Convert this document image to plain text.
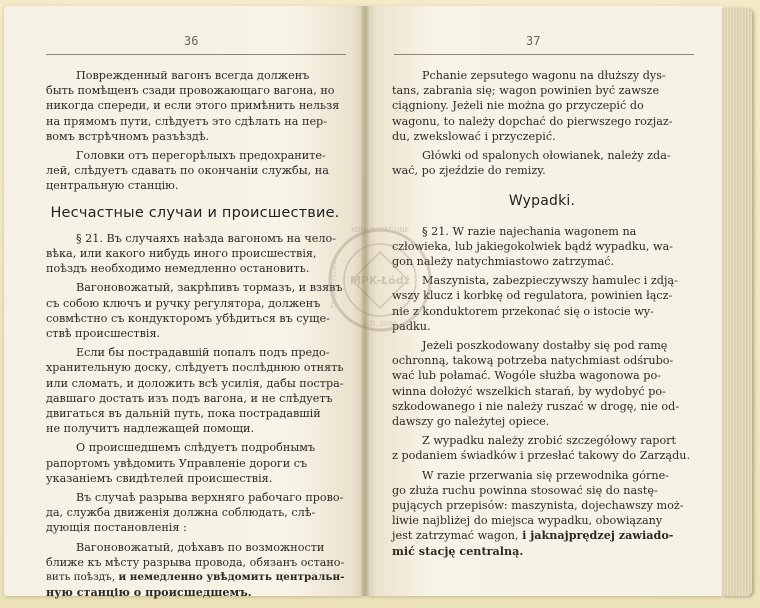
36	37
Поврежденный вагонъ всегда долженъ
быть помѣщенъ сзади провожающаго вагона, но
никогда спереди, и если этого примѣнить нельзя
на прямомъ пути, слѣдуетъ это сдѣлать на пер-
вомъ встрѣчномъ разъѣздѣ.
Головки отъ перегорѣлыхъ предохраните-
лей, слѣдуетъ сдавать по окончаніи службы, на
центральную станцію.
Несчастные случаи и происшествие.
§ 21. Въ случаяхъ наѣзда вагономъ на чело-
вѣка, или какого нибудь иного происшествія,
поѣздъ необходимо немедленно остановить.
Вагоновожатый, закрѣпивъ тормазъ, и взявъ
съ собою ключъ и ручку регулятора, долженъ
совмѣстно съ кондукторомъ убѣдиться въ суще-
ствѣ происшествія.
Если бы пострадавшій попалъ подъ предо-
хранительную доску, слѣдуетъ послѣднюю отнять
или сломать, и доложить всѣ усилія, дабы постра-
давшаго достать изъ подъ вагона, и не слѣдуетъ
двигаться въ дальній путь, пока пострадавшій
не получитъ надлежащей помощи.
О происшедшемъ слѣдуетъ подробнымъ
рапортомъ увѣдомить Управленіе дороги съ
указаніемъ свидѣтелей происшествія.
Въ случаѣ разрыва верхняго рабочаго прово-
да, служба движенія должна соблюдать, слѣ-
дующія постановленія :
Вагоновожатый, доѣхавъ по возможности
ближе къ мѣсту разрыва провода, обязанъ остано-
вить поѣздъ, и немедленно увѣдомить центральн-
ную станцію о происшедшемъ.
Pchanie zepsutego wagonu na dłuższy dys-
tans, zabrania się; wagon powinien być zawsze
ciągniony. Jeżeli nie można go przyczepić do
wagonu, to należy dopchać do pierwszego rozjaz-
du, zwekslować i przyczepić.
Główki od spalonych ołowianek, należy zda-
wać, po zjeździe do remizy.
Wypadki.
§ 21. W razie najechania wagonem na
człowieka, lub jakiegokolwiek bądź wypadku, wa-
gon należy natychmiastowo zatrzymać.
Maszynista, zabezpieczywszy hamulec i zdją-
wszy klucz i korbkę od regulatora, powinien łącz-
nie z konduktorem przekonać się o istocie wy-
padku.
Jeżeli poszkodowany dostałby się pod ramę
ochronną, takową potrzeba natychmiast odśrubo-
wać lub połamać. Wogóle służba wagonowa po-
winna dołożyć wszelkich starań, by wydobyć po-
szkodowanego i nie należy ruszać w drogę, nie od-
dawszy go należytej opiece.
Z wypadku należy zrobić szczegółowy raport
z podaniem świadków i przesłać takowy do Zarządu.
W razie przerwania się przewodnika górne-
go złuża ruchu powinna stosować się do nastę-
pujących przepisów: maszynista, dojechawszy moż-
liwie najbliżej do miejsca wypadku, obowiązany
jest zatrzymać wagon, i jaknajprędzej zawiado-
mić stację centralną.
KOMUNIKACYJNE
MPK-Łódź
A.D. 2000
TOWARZYSTWO
